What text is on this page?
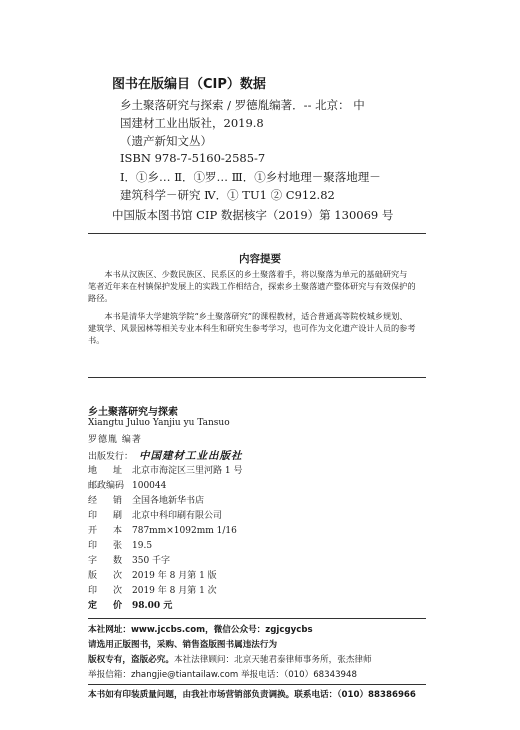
图书在版编目（CIP）数据
乡土聚落研究与探索 / 罗德胤编著．-- 北京： 中
国建材工业出版社，2019.8
（遗产新知文丛）
ISBN 978-7-5160-2585-7
Ⅰ．①乡… Ⅱ．①罗… Ⅲ．①乡村地理－聚落地理－
建筑科学－研究 Ⅳ．① TU1 ② C912.82
中国版本图书馆 CIP 数据核字（2019）第 130069 号
内容提要
本书从汉族区、少数民族区、民系区的乡土聚落着手，将以聚落为单元的基础研究与
笔者近年来在村镇保护发展上的实践工作相结合，探索乡土聚落遗产整体研究与有效保护的
路径。
本书是清华大学建筑学院“乡土聚落研究”的课程教材，适合普通高等院校城乡规划、
建筑学、风景园林等相关专业本科生和研究生参考学习，也可作为文化遗产设计人员的参考书。
乡土聚落研究与探索
Xiangtu Juluo Yanjiu yu Tansuo
罗德胤 编著
出版发行： 中国建材工业出版社
地址 北京市海淀区三里河路 1 号
邮政编码 100044
经销 全国各地新华书店
印刷 北京中科印刷有限公司
开本 787mm×1092mm 1/16
印张 19.5
字数 350 千字
版次 2019 年 8 月第 1 版
印次 2019 年 8 月第 1 次
定价 98.00 元
本社网址：www.jccbs.com，微信公众号：zgjcgycbs
请选用正版图书，采购、销售盗版图书属违法行为
版权专有，盗版必究。本社法律顾问：北京天驰君泰律师事务所，张杰律师
举报信箱：zhangjie@tiantailaw.com 举报电话：（010）68343948
本书如有印装质量问题，由我社市场营销部负责调换。联系电话：（010）88386966
